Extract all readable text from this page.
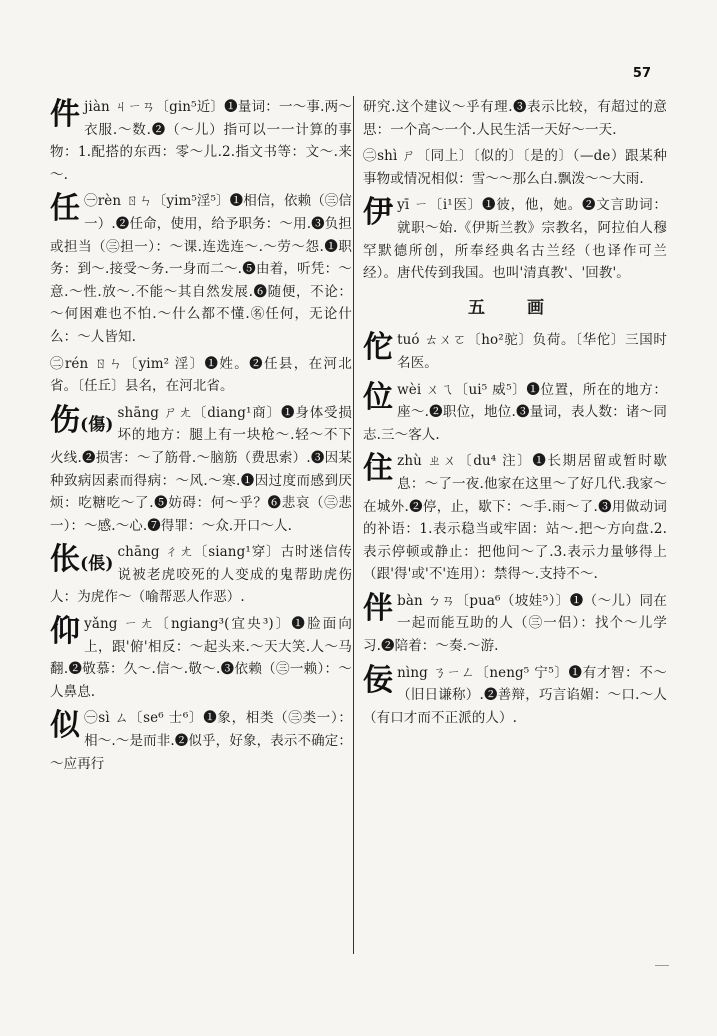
57
件jiàn ㄐㄧㄢ〔gin⁵近〕❶量词：一～事.两～衣服.～数.❷（～儿）指可以一一计算的事物：1.配搭的东西：零～儿.2.指文书等：文～.来～.
任 ㊀rèn ㄖㄣ〔yim⁵淫⁵〕❶相信，依赖（㊂信一）.❷任命，使用，给予职务：～用.❸负担或担当（㊂担一）：～课.连选连～.～劳～怨.❶职务：到～.接受～务.一身而二～.❺由着，听凭：～意.～性.放～.不能～其自然发展.❻随便，不论：～何困难也不怕.～什么都不懂.㊔任何，无论什么：～人皆知.
㊁rén ㄖㄣ〔yim² 淫〕❶姓。❷任县，在河北省。〔任丘〕县名，在河北省。
伤(傷)
shāng ㄕㄤ〔diang¹商〕❶身体受损坏的地方：腿上有一块枪～.轻～不下火线.❷损害：～了筋骨.～脑筋（费思索）.❸因某种致病因素而得病：～风.～寒.❶因过度而感到厌烦：吃糖吃～了.❺妨碍：何～乎？❻悲哀（㊂悲一）：～感.～心.❼得罪：～众.开口～人.
伥(倀)
chāng ㄔㄤ〔siang¹穿〕古时迷信传说被老虎咬死的人变成的鬼帮助虎伤人：为虎作～（喻帮恶人作恶）.
仰yǎng ㄧㄤ〔ngiang³(宜央³)〕❶脸面向上，跟'俯'相反：～起头来.～天大笑.人～马翻.❷敬慕：久～.信～.敬～.❸依赖（㊂一赖）：～人鼻息.
似 ㊀sì ㄙ〔se⁶ 士⁶〕❶象，相类（㊂类一）：相～.～是而非.❷似乎，好象，表示不确定：～应再行
研究.这个建议～乎有理.❸表示比较，有超过的意思：一个高～一个.人民生活一天好～一天.
㊁shì ㄕ〔同上〕〔似的〕〔是的〕（—de）跟某种事物或情况相似：雪～～那么白.飘泼～～大雨.
伊yī ㄧ〔i¹医〕❶彼，他，她。❷文言助词：就职～始.《伊斯兰教》宗教名，阿拉伯人穆罕默德所创，所奉经典名古兰经（也译作可兰经）。唐代传到我国。也叫'清真教'、'回教'。
五 画
佗tuó ㄊㄨㄛ〔ho²驼〕负荷。〔华佗〕三国时名医。
位wèi ㄨㄟ〔ui⁵ 威⁵〕❶位置，所在的地方：座～.❷职位，地位.❸量词，表人数：诸～同志.三～客人.
住zhù ㄓㄨ〔du⁴ 注〕❶长期居留或暂时歇息：～了一夜.他家在这里～了好几代.我家～在城外.❷停，止，歇下：～手.雨～了.❸用做动词的补语：1.表示稳当或牢固：站～.把～方向盘.2.表示停顿或静止：把他问～了.3.表示力量够得上（跟'得'或'不'连用）：禁得～.支持不～.
伴bàn ㄅㄢ〔pua⁶（坡娃⁵）〕❶（～儿）同在一起而能互助的人（㊂一侣）：找个～儿学习.❷陪着：～奏.～游.
佞nìng ㄋㄧㄥ〔neng⁵ 宁⁵〕❶有才智：不～（旧日谦称）.❷善辩，巧言谄媚：～口.～人（有口才而不正派的人）.
